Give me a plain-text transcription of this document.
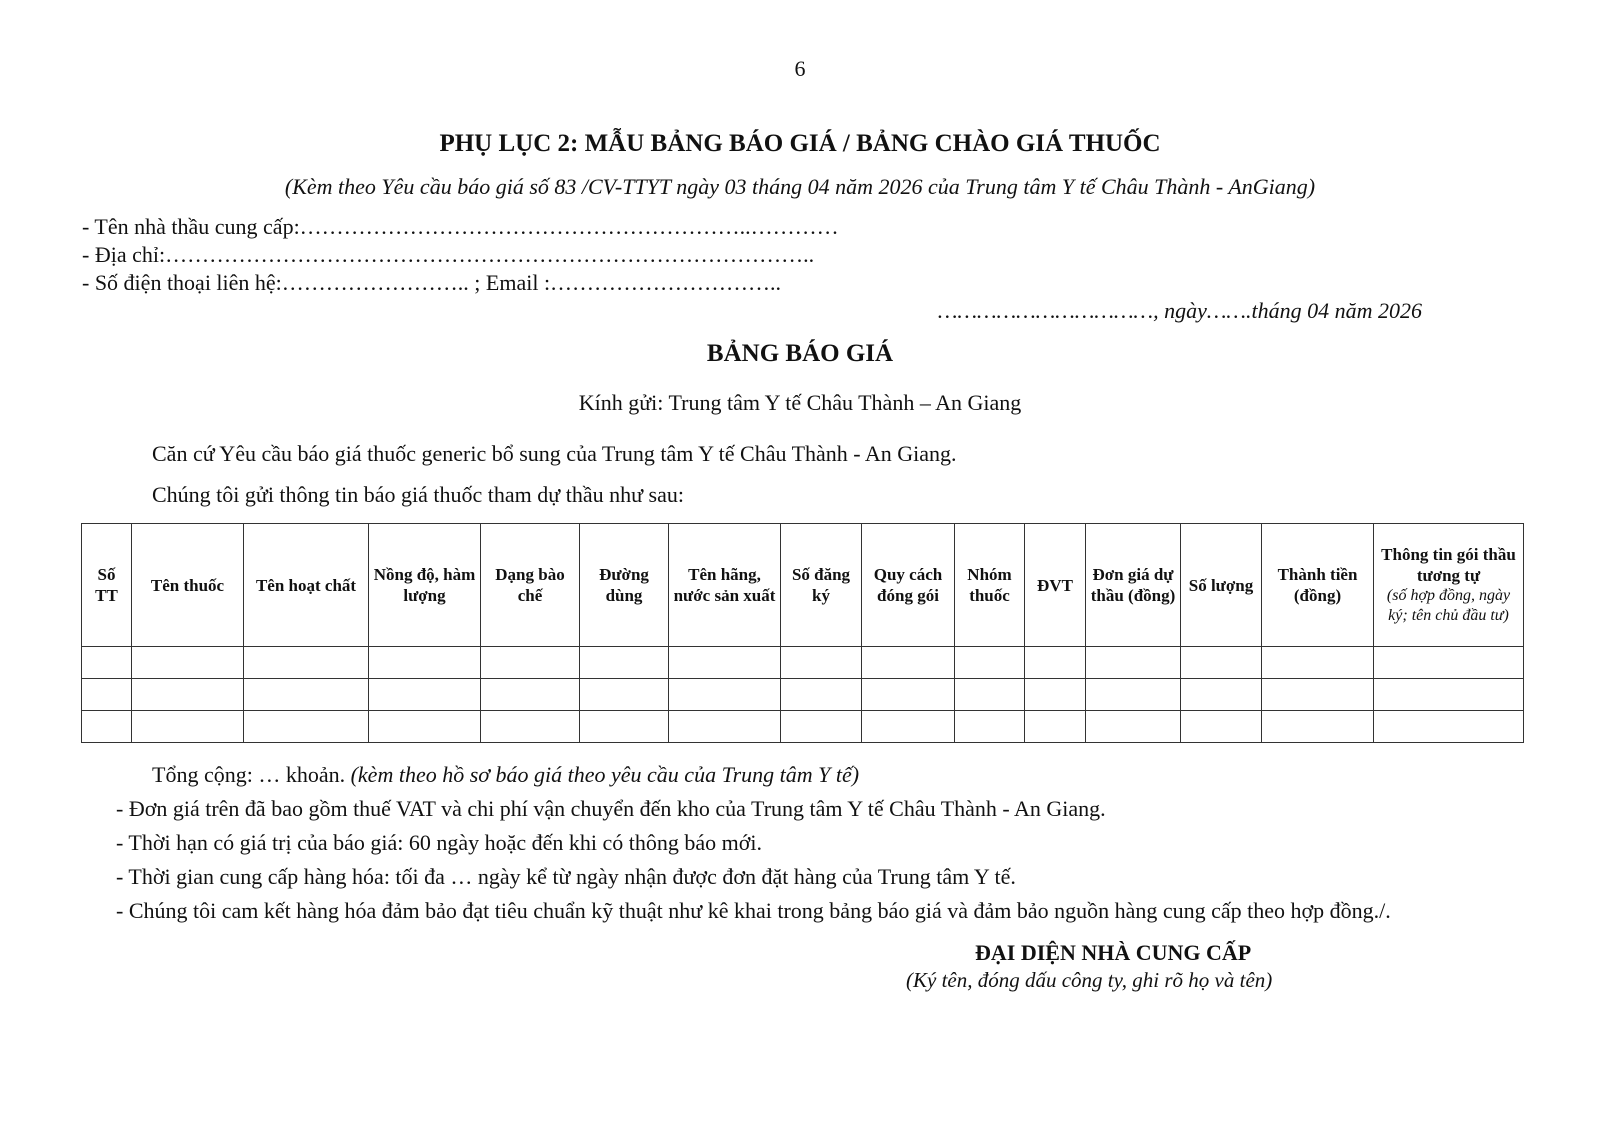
6
PHỤ LỤC 2: MẪU BẢNG BÁO GIÁ / BẢNG CHÀO GIÁ THUỐC
(Kèm theo Yêu cầu báo giá số 83 /CV-TTYT ngày 03 tháng 04 năm 2026 của Trung tâm Y tế Châu Thành - AnGiang)
- Tên nhà thầu cung cấp:……………………………………………………..…………
- Địa chỉ:……………………………………………………………………………..
- Số điện thoại liên hệ:…………………….. ; Email :…………………………..
……………………………, ngày…….tháng 04 năm 2026
BẢNG BÁO GIÁ
Kính gửi: Trung tâm Y tế Châu Thành – An Giang
Căn cứ Yêu cầu báo giá thuốc generic bổ sung của Trung tâm Y tế Châu Thành - An Giang.
Chúng tôi gửi thông tin báo giá thuốc tham dự thầu như sau:
Số TT	Tên thuốc	Tên hoạt chất	Nồng độ, hàm lượng	Dạng bào chế	Đường dùng	Tên hãng, nước sản xuất	Số đăng ký	Quy cách đóng gói	Nhóm thuốc	ĐVT	Đơn giá dự thầu (đồng)	Số lượng	Thành tiền (đồng)	Thông tin gói thầu tương tự
(số hợp đồng, ngày ký; tên chủ đầu tư)

Tổng cộng: … khoản. (kèm theo hồ sơ báo giá theo yêu cầu của Trung tâm Y tế)
- Đơn giá trên đã bao gồm thuế VAT và chi phí vận chuyển đến kho của Trung tâm Y tế Châu Thành - An Giang.
- Thời hạn có giá trị của báo giá: 60 ngày hoặc đến khi có thông báo mới.
- Thời gian cung cấp hàng hóa: tối đa … ngày kể từ ngày nhận được đơn đặt hàng của Trung tâm Y tế.
- Chúng tôi cam kết hàng hóa đảm bảo đạt tiêu chuẩn kỹ thuật như kê khai trong bảng báo giá và đảm bảo nguồn hàng cung cấp theo hợp đồng./.
ĐẠI DIỆN NHÀ CUNG CẤP
(Ký tên, đóng dấu công ty, ghi rõ họ và tên)
